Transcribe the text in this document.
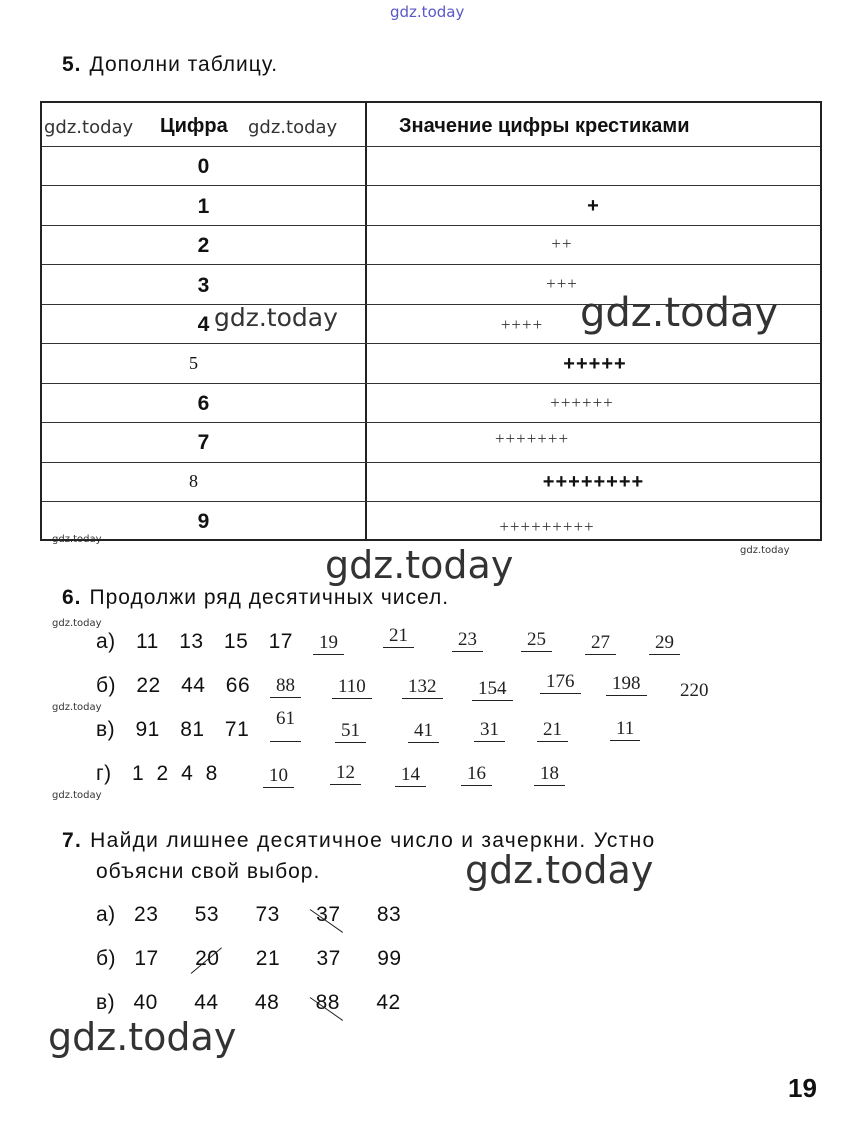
gdz.today
gdz.today	gdz.today
gdz.today	gdz.today
gdz.today
gdz.today
gdz.today
gdz.today
gdz.today
gdz.today
gdz.today
gdz.today
5. Дополни таблицу.
Цифра	Значение цифры крестиками
0
1	+
2	++
3	+++
4	++++
5	+++++
6	++++++
7	+++++++
8	++++++++
9	+++++++++
6. Продолжи ряд десятичных чисел.
а) 11 13 15 17	19	21	23	25	27	29
б) 22 44 66	88	110	132	154	176	198	220
в) 91 81 71	61
51	41	31	21	11
г) 1 2 4 8	10	12	14	16	18
7. Найди лишнее десятичное число и зачеркни. Устно
объясни свой выбор.
а) 23 53 73 37 83
б) 17 20 21 37 99
в) 40 44 48 88 42
19
